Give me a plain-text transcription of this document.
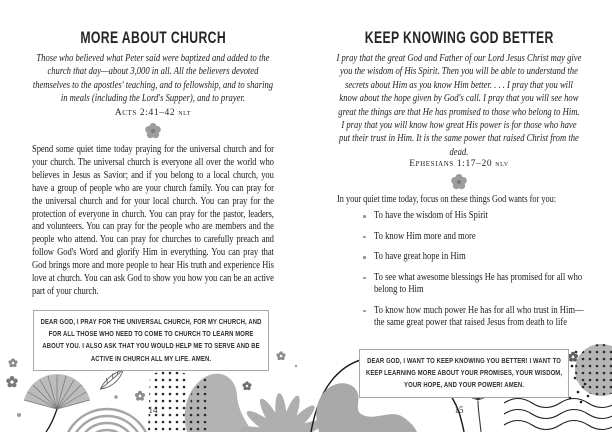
MORE ABOUT CHURCH
Those who believed what Peter said were baptized and added to the church that day—about 3,000 in all. All the believers devoted themselves to the apostles' teaching, and to fellowship, and to sharing in meals (including the Lord's Supper), and to prayer.
Acts 2:41–42 nlt
Spend some quiet time today praying for the universal church and for your church. The universal church is everyone all over the world who believes in Jesus as Savior; and if you belong to a local church, you have a group of people who are your church family. You can pray for the universal church and for your local church. You can pray for the protection of everyone in church. You can pray for the pastor, leaders, and volunteers. You can pray for the people who are members and the people who attend. You can pray for churches to carefully preach and follow God's Word and glorify Him in everything. You can pray that God brings more and more people to hear His truth and experience His love at church. You can ask God to show you how you can be an active part of your church.
DEAR GOD, I PRAY FOR THE UNIVERSAL CHURCH, FOR MY CHURCH, AND FOR ALL THOSE WHO NEED TO COME TO CHURCH TO LEARN MORE ABOUT YOU. I ALSO ASK THAT YOU WOULD HELP ME TO SERVE AND BE ACTIVE IN CHURCH ALL MY LIFE. AMEN.
14
KEEP KNOWING GOD BETTER
I pray that the great God and Father of our Lord Jesus Christ may give you the wisdom of His Spirit. Then you will be able to understand the secrets about Him as you know Him better. . . . I pray that you will know about the hope given by God's call. I pray that you will see how great the things are that He has promised to those who belong to Him. I pray that you will know how great His power is for those who have put their trust in Him. It is the same power that raised Christ from the dead.
Ephesians 1:17–20 nlv
In your quiet time today, focus on these things God wants for you:
To have the wisdom of His Spirit
To know Him more and more
To have great hope in Him
To see what awesome blessings He has promised for all who belong to Him
To know how much power He has for all who trust in Him—the same great power that raised Jesus from death to life
DEAR GOD, I WANT TO KEEP KNOWING YOU BETTER! I WANT TO KEEP LEARNING MORE ABOUT YOUR PROMISES, YOUR WISDOM, YOUR HOPE, AND YOUR POWER! AMEN.
15
